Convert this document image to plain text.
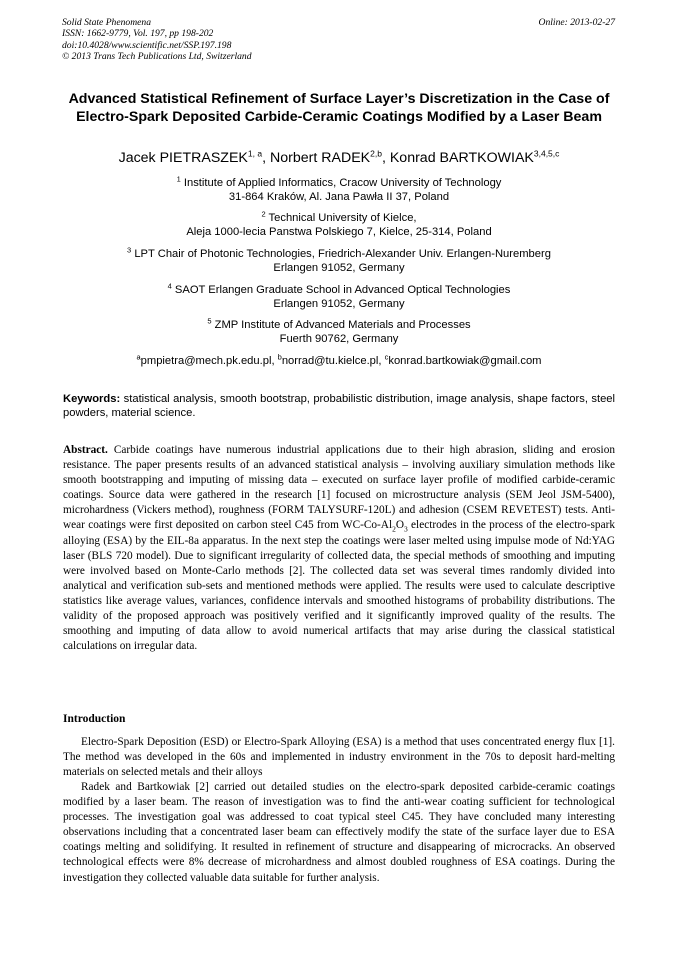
Solid State Phenomena
ISSN: 1662-9779, Vol. 197, pp 198-202
doi:10.4028/www.scientific.net/SSP.197.198
© 2013 Trans Tech Publications Ltd, Switzerland
Online: 2013-02-27
Advanced Statistical Refinement of Surface Layer’s Discretization in the Case of Electro-Spark Deposited Carbide-Ceramic Coatings Modified by a Laser Beam
Jacek PIETRASZEK$^{1, a}$, Norbert RADEK$^{2,b}$, Konrad BARTKOWIAK$^{3,4,5,c}$
$^1$ Institute of Applied Informatics, Cracow University of Technology
31-864 Kraków, Al. Jana Pawła II 37, Poland
$^2$ Technical University of Kielce,
Aleja 1000-lecia Panstwa Polskiego 7, Kielce, 25-314, Poland
$^3$ LPT Chair of Photonic Technologies, Friedrich-Alexander Univ. Erlangen-Nuremberg
Erlangen 91052, Germany
$^4$ SAOT Erlangen Graduate School in Advanced Optical Technologies
Erlangen 91052, Germany
$^5$ ZMP Institute of Advanced Materials and Processes
Fuerth 90762, Germany
$^a$pmpietra@mech.pk.edu.pl, $^b$norrad@tu.kielce.pl, $^c$konrad.bartkowiak@gmail.com
Keywords: statistical analysis, smooth bootstrap, probabilistic distribution, image analysis, shape factors, steel powders, material science.
Abstract. Carbide coatings have numerous industrial applications due to their high abrasion, sliding and erosion resistance. The paper presents results of an advanced statistical analysis – involving auxiliary simulation methods like smooth bootstrapping and imputing of missing data – executed on surface layer profile of modified carbide-ceramic coatings. Source data were gathered in the research [1] focused on microstructure analysis (SEM Jeol JSM-5400), microhardness (Vickers method), roughness (FORM TALYSURF-120L) and adhesion (CSEM REVETEST) tests. Anti-wear coatings were first deposited on carbon steel C45 from $WC-Co-Al_2O_3$ electrodes in the process of the electro-spark alloying (ESA) by the EIL-8a apparatus. In the next step the coatings were laser melted using impulse mode of Nd:YAG laser (BLS 720 model). Due to significant irregularity of collected data, the special methods of smoothing and imputing were involved based on Monte-Carlo methods [2]. The collected data set was several times randomly divided into analytical and verification sub-sets and mentioned methods were applied. The results were used to calculate descriptive statistics like average values, variances, confidence intervals and smoothed histograms of probability distributions. The validity of the proposed approach was positively verified and it significantly improved quality of the results. The smoothing and imputing of data allow to avoid numerical artifacts that may arise during the classical statistical calculations on irregular data.
Introduction
Electro-Spark Deposition (ESD) or Electro-Spark Alloying (ESA) is a method that uses concentrated energy flux [1]. The method was developed in the 60s and implemented in industry environment in the 70s to deposit hard-melting materials on selected metals and their alloys
Radek and Bartkowiak [2] carried out detailed studies on the electro-spark deposited carbide-ceramic coatings modified by a laser beam. The reason of investigation was to find the anti-wear coating sufficient for technological processes. The investigation goal was addressed to coat typical steel C45. They have concluded many interesting observations including that a concentrated laser beam can effectively modify the state of the surface layer due to ESA coatings melting and solidifying. It resulted in refinement of structure and disappearing of microcracks. An observed technological effects were 8% decrease of microhardness and almost doubled roughness of ESA coatings. During the investigation they collected valuable data suitable for further analysis.
